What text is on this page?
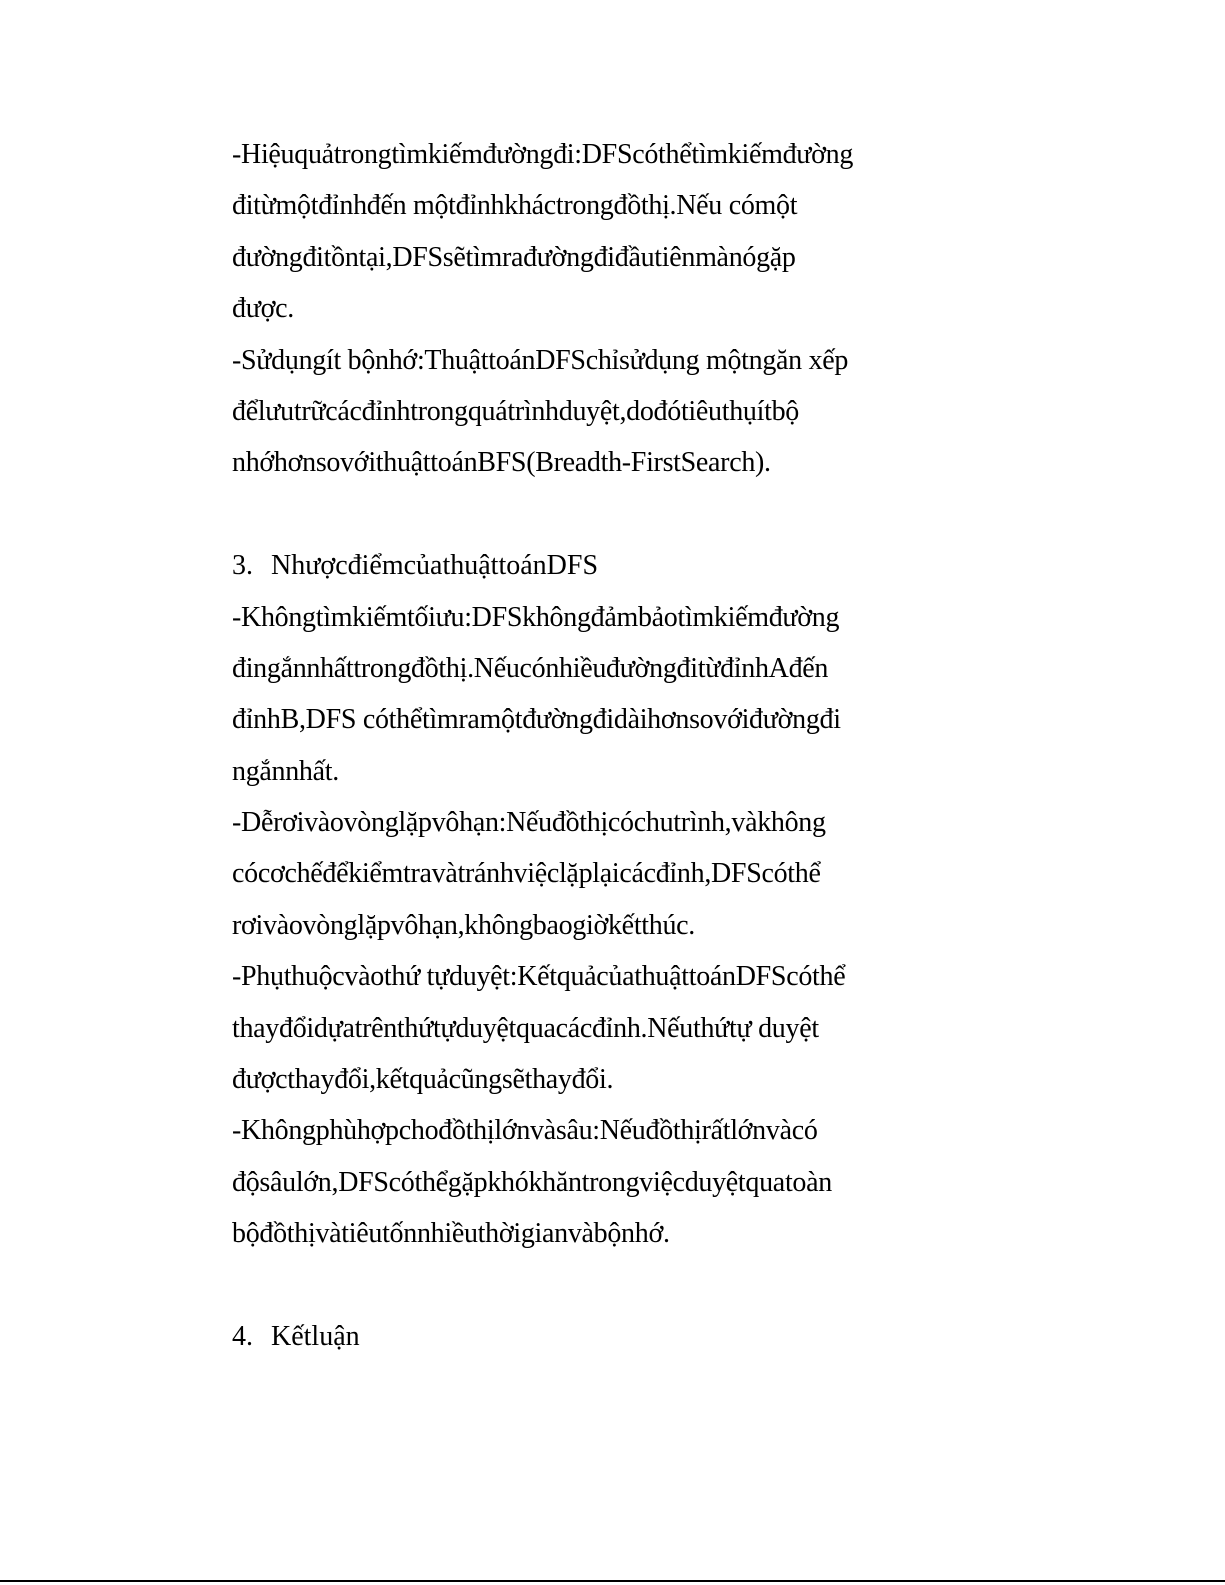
-Hiệuquảtrongtìmkiếmđườngđi:DFScóthểtìmkiếmđường
đitừmộtđỉnhđến mộtđỉnhkháctrongđồthị.Nếu cómột
đườngđitồntại,DFSsẽtìmrađườngđiđầutiênmànógặp
được.
-Sửdụngít bộnhớ:ThuậttoánDFSchỉsửdụng mộtngăn xếp
đểlưutrữcácđỉnhtrongquátrìnhduyệt,dođótiêuthụítbộ
nhớhơnsovớithuậttoánBFS(Breadth-FirstSearch).
3. NhượcđiểmcủathuậttoánDFS
-Khôngtìmkiếmtốiưu:DFSkhôngđảmbảotìmkiếmđường
đingắnnhấttrongđồthị.NếucónhiềuđườngđitừđỉnhAđến
đỉnhB,DFS cóthểtìmramộtđườngđidàihơnsovớiđườngđi
ngắnnhất.
-Dễrơivàovònglặpvôhạn:Nếuđồthịcóchutrình,vàkhông
cócơchếđểkiểmtravàtránhviệclặplạicácđỉnh,DFScóthể
rơivàovònglặpvôhạn,khôngbaogiờkếtthúc.
-Phụthuộcvàothứ tựduyệt:KếtquảcủathuậttoánDFScóthể
thayđổidựatrênthứtựduyệtquacácđỉnh.Nếuthứtự duyệt
đượcthayđổi,kếtquảcũngsẽthayđổi.
-Khôngphùhợpchođồthịlớnvàsâu:Nếuđồthịrấtlớnvàcó
độsâulớn,DFScóthểgặpkhókhăntrongviệcduyệtquatoàn
bộđồthịvàtiêutốnnhiềuthờigianvàbộnhớ.
4. Kếtluận
